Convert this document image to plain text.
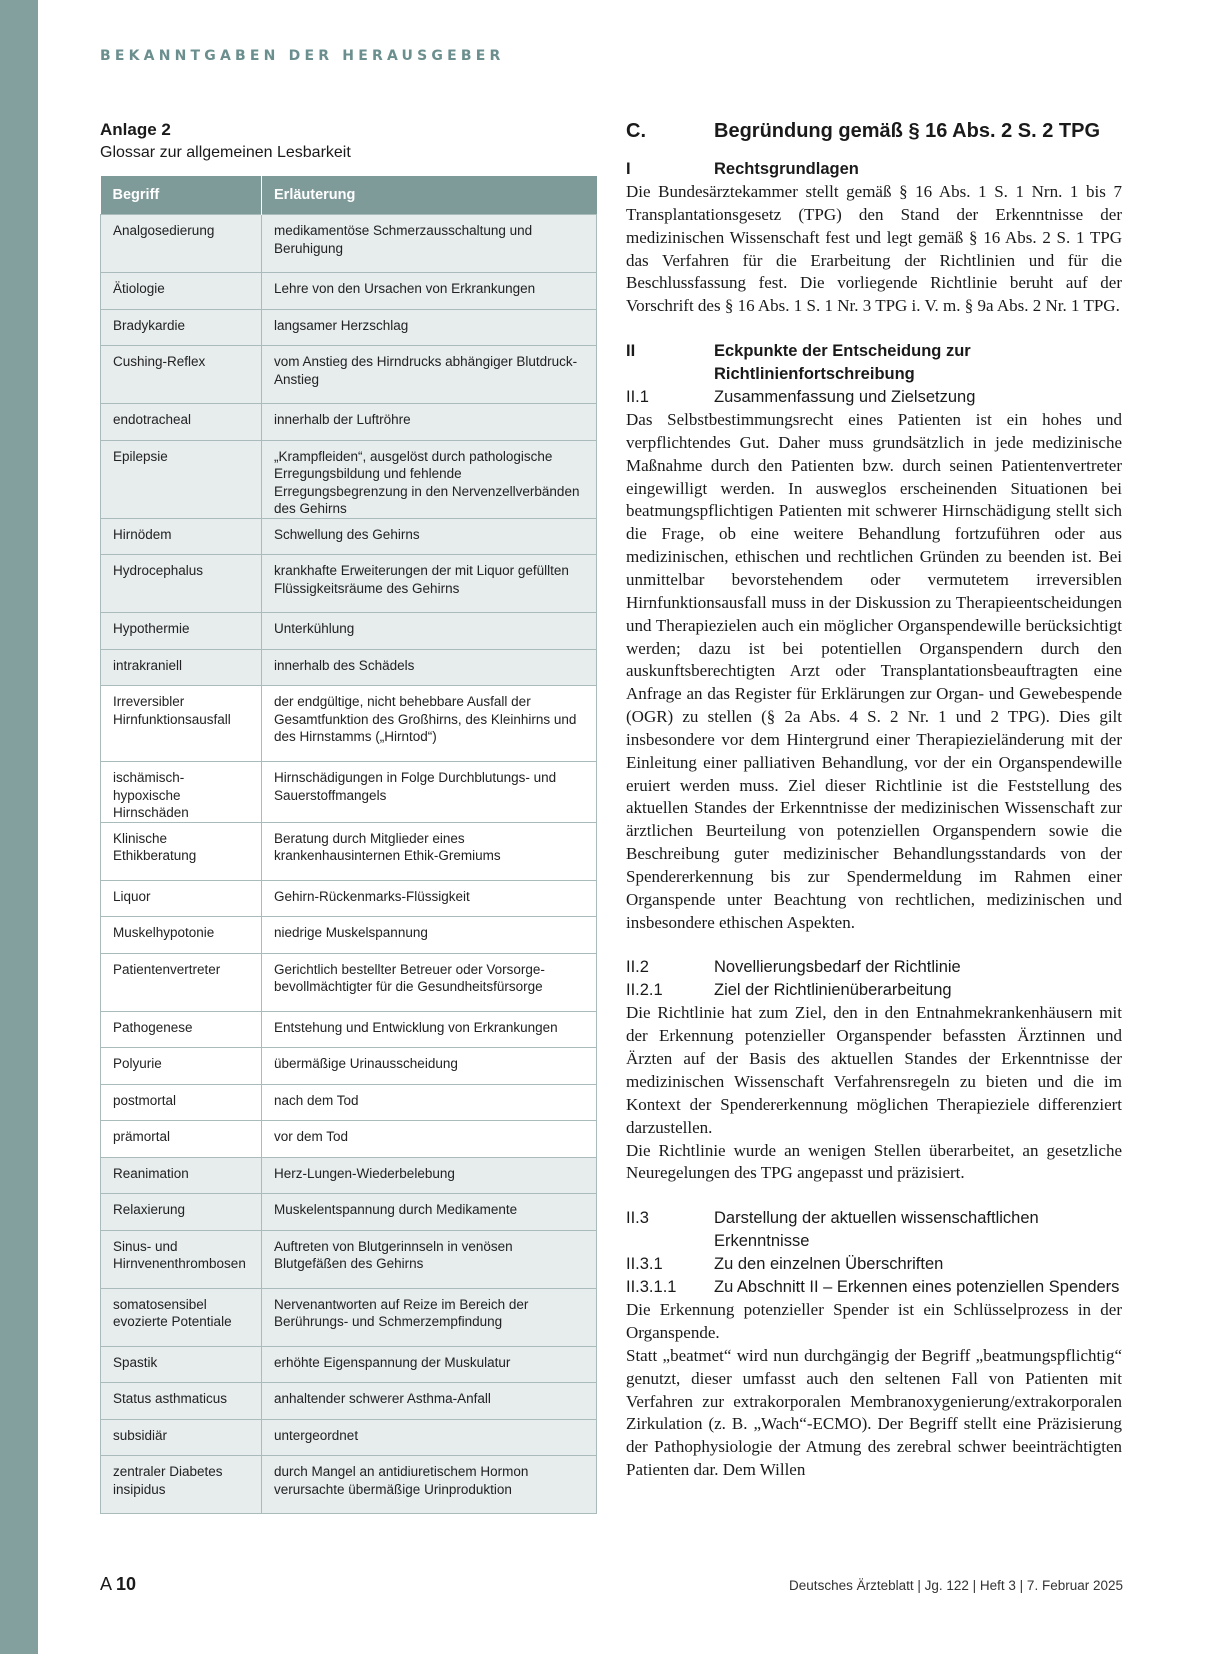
BEKANNTGABEN DER HERAUSGEBER

Anlage 2

Glossar zur allgemeinen Lesbarkeit

Begriff	Erläuterung
Analgosedierung	medikamentöse Schmerzausschaltung und Beruhigung
Ätiologie	Lehre von den Ursachen von Erkrankungen
Bradykardie	langsamer Herzschlag
Cushing-Reflex	vom Anstieg des Hirndrucks abhängiger Blutdruck-Anstieg
endotracheal	innerhalb der Luftröhre
Epilepsie	„Krampfleiden“, ausgelöst durch pathologische Erregungsbildung und fehlende Erregungsbegrenzung in den Nervenzellverbänden des Gehirns
Hirnödem	Schwellung des Gehirns
Hydrocephalus	krankhafte Erweiterungen der mit Liquor gefüllten Flüssigkeitsräume des Gehirns
Hypothermie	Unterkühlung
intrakraniell	innerhalb des Schädels
Irreversibler Hirnfunktionsausfall	der endgültige, nicht behebbare Ausfall der Gesamtfunktion des Großhirns, des Kleinhirns und des Hirnstamms („Hirntod“)
ischämisch-hypoxische Hirnschäden	Hirnschädigungen in Folge Durchblutungs- und Sauerstoffmangels
Klinische Ethikberatung	Beratung durch Mitglieder eines krankenhausinternen Ethik-Gremiums
Liquor	Gehirn-Rückenmarks-Flüssigkeit
Muskelhypotonie	niedrige Muskelspannung
Patientenvertreter	Gerichtlich bestellter Betreuer oder Vorsorge-bevollmächtigter für die Gesundheitsfürsorge
Pathogenese	Entstehung und Entwicklung von Erkrankungen
Polyurie	übermäßige Urinausscheidung
postmortal	nach dem Tod
prämortal	vor dem Tod
Reanimation	Herz-Lungen-Wiederbelebung
Relaxierung	Muskelentspannung durch Medikamente
Sinus- und Hirnvenenthrombosen	Auftreten von Blutgerinnseln in venösen Blutgefäßen des Gehirns
somatosensibel evozierte Potentiale	Nervenantworten auf Reize im Bereich der Berührungs- und Schmerzempfindung
Spastik	erhöhte Eigenspannung der Muskulatur
Status asthmaticus	anhaltender schwerer Asthma-Anfall
subsidiär	untergeordnet
zentraler Diabetes insipidus	durch Mangel an antidiuretischem Hormon verursachte übermäßige Urinproduktion
C.	Begründung gemäß § 16 Abs. 2 S. 2 TPG
I	Rechtsgrundlagen

Die Bundesärztekammer stellt gemäß § 16 Abs. 1 S. 1 Nrn. 1 bis 7 Transplantationsgesetz (TPG) den Stand der Erkenntnisse der medizinischen Wissenschaft fest und legt gemäß § 16 Abs. 2 S. 1 TPG das Verfahren für die Erarbeitung der Richtlinien und für die Beschlussfassung fest. Die vorliegende Richtlinie beruht auf der Vorschrift des § 16 Abs. 1 S. 1 Nr. 3 TPG i. V. m. § 9a Abs. 2 Nr. 1 TPG.

II	Eckpunkte der Entscheidung zur
Richtlinienfortschreibung
II.1	Zusammenfassung und Zielsetzung

Das Selbstbestimmungsrecht eines Patienten ist ein hohes und verpflichtendes Gut. Daher muss grundsätzlich in jede medizinische Maßnahme durch den Patienten bzw. durch seinen Patientenvertreter eingewilligt werden. In ausweglos erscheinenden Situationen bei beatmungspflichtigen Patienten mit schwerer Hirnschädigung stellt sich die Frage, ob eine weitere Behandlung fortzuführen oder aus medizinischen, ethischen und rechtlichen Gründen zu beenden ist. Bei unmittelbar bevorstehendem oder vermutetem irreversiblen Hirnfunktionsausfall muss in der Diskussion zu Therapieentscheidungen und Therapiezielen auch ein möglicher Organspendewille berücksichtigt werden; dazu ist bei potentiellen Organspendern durch den auskunftsberechtigten Arzt oder Transplantationsbeauftragten eine Anfrage an das Register für Erklärungen zur Organ- und Gewebespende (OGR) zu stellen (§ 2a Abs. 4 S. 2 Nr. 1 und 2 TPG). Dies gilt insbesondere vor dem Hintergrund einer Therapiezieländerung mit der Einleitung einer palliativen Behandlung, vor der ein Organspendewille eruiert werden muss. Ziel dieser Richtlinie ist die Feststellung des aktuellen Standes der Erkenntnisse der medizinischen Wissenschaft zur ärztlichen Beurteilung von potenziellen Organspendern sowie die Beschreibung guter medizinischer Behandlungsstandards von der Spendererkennung bis zur Spendermeldung im Rahmen einer Organspende unter Beachtung von rechtlichen, medizinischen und insbesondere ethischen Aspekten.

II.2	Novellierungsbedarf der Richtlinie
II.2.1	Ziel der Richtlinienüberarbeitung

Die Richtlinie hat zum Ziel, den in den Entnahmekrankenhäusern mit der Erkennung potenzieller Organspender befassten Ärztinnen und Ärzten auf der Basis des aktuellen Standes der Erkenntnisse der medizinischen Wissenschaft Verfahrensregeln zu bieten und die im Kontext der Spendererkennung möglichen Therapieziele differenziert darzustellen.

Die Richtlinie wurde an wenigen Stellen überarbeitet, an gesetzliche Neuregelungen des TPG angepasst und präzisiert.

II.3	Darstellung der aktuellen wissenschaftlichen Erkenntnisse
II.3.1	Zu den einzelnen Überschriften
II.3.1.1	Zu Abschnitt II – Erkennen eines potenziellen Spenders

Die Erkennung potenzieller Spender ist ein Schlüsselprozess in der Organspende.

Statt „beatmet“ wird nun durchgängig der Begriff „beatmungspflichtig“ genutzt, dieser umfasst auch den seltenen Fall von Patienten mit Verfahren zur extrakorporalen Membranoxygenierung/extrakorporalen Zirkulation (z. B. „Wach“-ECMO). Der Begriff stellt eine Präzisierung der Pathophysiologie der Atmung des zerebral schwer beeinträchtigten Patienten dar. Dem Willen

A 10	Deutsches Ärzteblatt | Jg. 122 | Heft 3 | 7. Februar 2025
